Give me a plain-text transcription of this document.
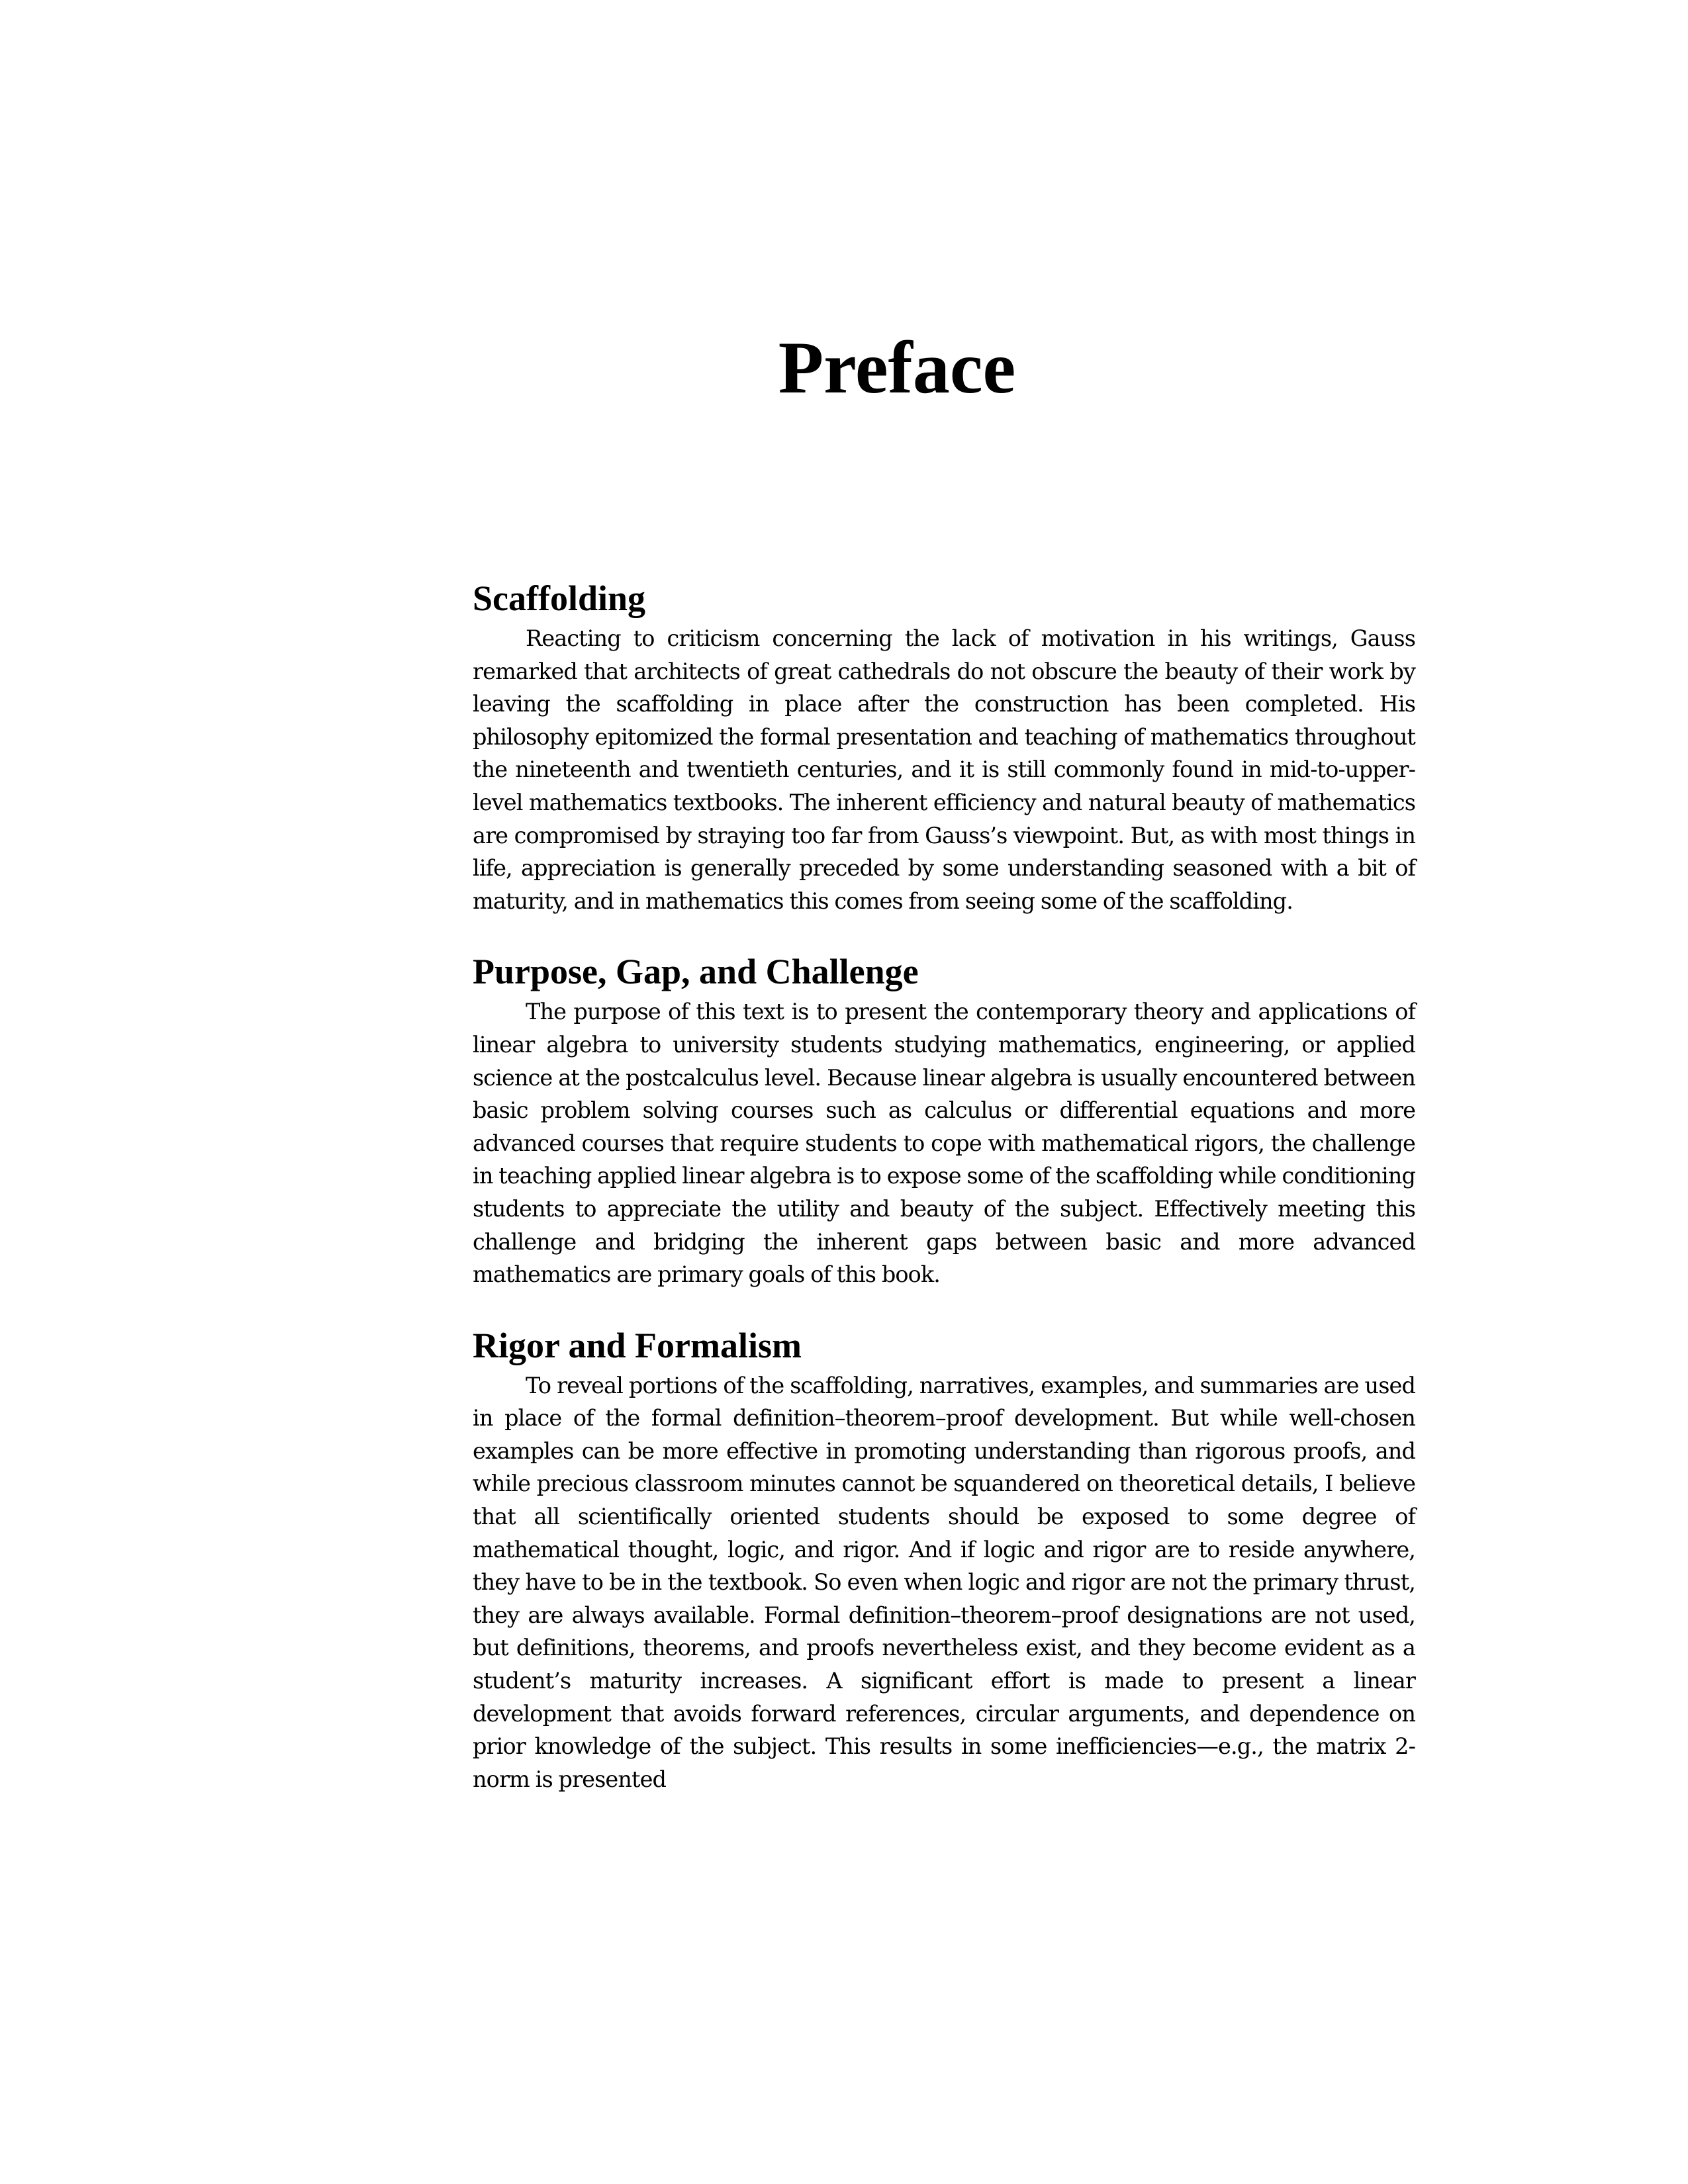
Preface
Scaffolding

Reacting to criticism concerning the lack of motivation in his writings, Gauss remarked that architects of great cathedrals do not obscure the beauty of their work by leaving the scaffolding in place after the construction has been completed. His philosophy epitomized the formal presentation and teaching of mathematics throughout the nineteenth and twentieth centuries, and it is still commonly found in mid-to-upper-level mathematics textbooks. The inherent efficiency and natural beauty of mathematics are compromised by straying too far from Gauss’s viewpoint. But, as with most things in life, appreciation is generally preceded by some understanding seasoned with a bit of maturity, and in mathematics this comes from seeing some of the scaffolding.

Purpose, Gap, and Challenge

The purpose of this text is to present the contemporary theory and applications of linear algebra to university students studying mathematics, engineering, or applied science at the postcalculus level. Because linear algebra is usually encountered between basic problem solving courses such as calculus or differential equations and more advanced courses that require students to cope with mathematical rigors, the challenge in teaching applied linear algebra is to expose some of the scaffolding while conditioning students to appreciate the utility and beauty of the subject. Effectively meeting this challenge and bridging the inherent gaps between basic and more advanced mathematics are primary goals of this book.

Rigor and Formalism

To reveal portions of the scaffolding, narratives, examples, and summaries are used in place of the formal definition–theorem–proof development. But while well-chosen examples can be more effective in promoting understanding than rigorous proofs, and while precious classroom minutes cannot be squandered on theoretical details, I believe that all scientifically oriented students should be exposed to some degree of mathematical thought, logic, and rigor. And if logic and rigor are to reside anywhere, they have to be in the textbook. So even when logic and rigor are not the primary thrust, they are always available. Formal definition–theorem–proof designations are not used, but definitions, theorems, and proofs nevertheless exist, and they become evident as a student’s maturity increases. A significant effort is made to present a linear development that avoids forward references, circular arguments, and dependence on prior knowledge of the subject. This results in some inefficiencies—e.g., the matrix 2-norm is presented
